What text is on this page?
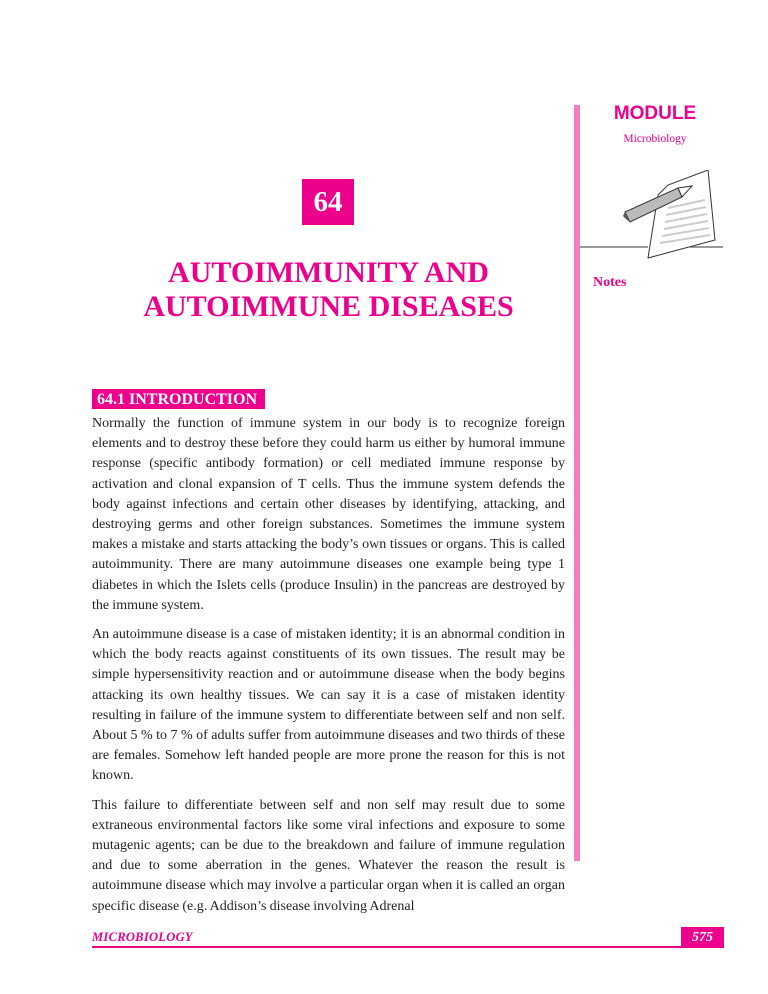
MODULE
Microbiology
Notes
64
AUTOIMMUNITY AND
AUTOIMMUNE DISEASES
64.1 INTRODUCTION

Normally the function of immune system in our body is to recognize foreign elements and to destroy these before they could harm us either by humoral immune response (specific antibody formation) or cell mediated immune response by activation and clonal expansion of T cells. Thus the immune system defends the body against infections and certain other diseases by identifying, attacking, and destroying germs and other foreign substances. Sometimes the immune system makes a mistake and starts attacking the body’s own tissues or organs. This is called autoimmunity. There are many autoimmune diseases one example being type 1 diabetes in which the Islets cells (produce Insulin) in the pancreas are destroyed by the immune system.

An autoimmune disease is a case of mistaken identity; it is an abnormal condition in which the body reacts against constituents of its own tissues. The result may be simple hypersensitivity reaction and or autoimmune disease when the body begins attacking its own healthy tissues. We can say it is a case of mistaken identity resulting in failure of the immune system to differentiate between self and non self. About 5 % to 7 % of adults suffer from autoimmune diseases and two thirds of these are females. Somehow left handed people are more prone the reason for this is not known.

This failure to differentiate between self and non self may result due to some extraneous environmental factors like some viral infections and exposure to some mutagenic agents; can be due to the breakdown and failure of immune regulation and due to some aberration in the genes. Whatever the reason the result is autoimmune disease which may involve a particular organ when it is called an organ specific disease (e.g. Addison’s disease involving Adrenal

MICROBIOLOGY	575
